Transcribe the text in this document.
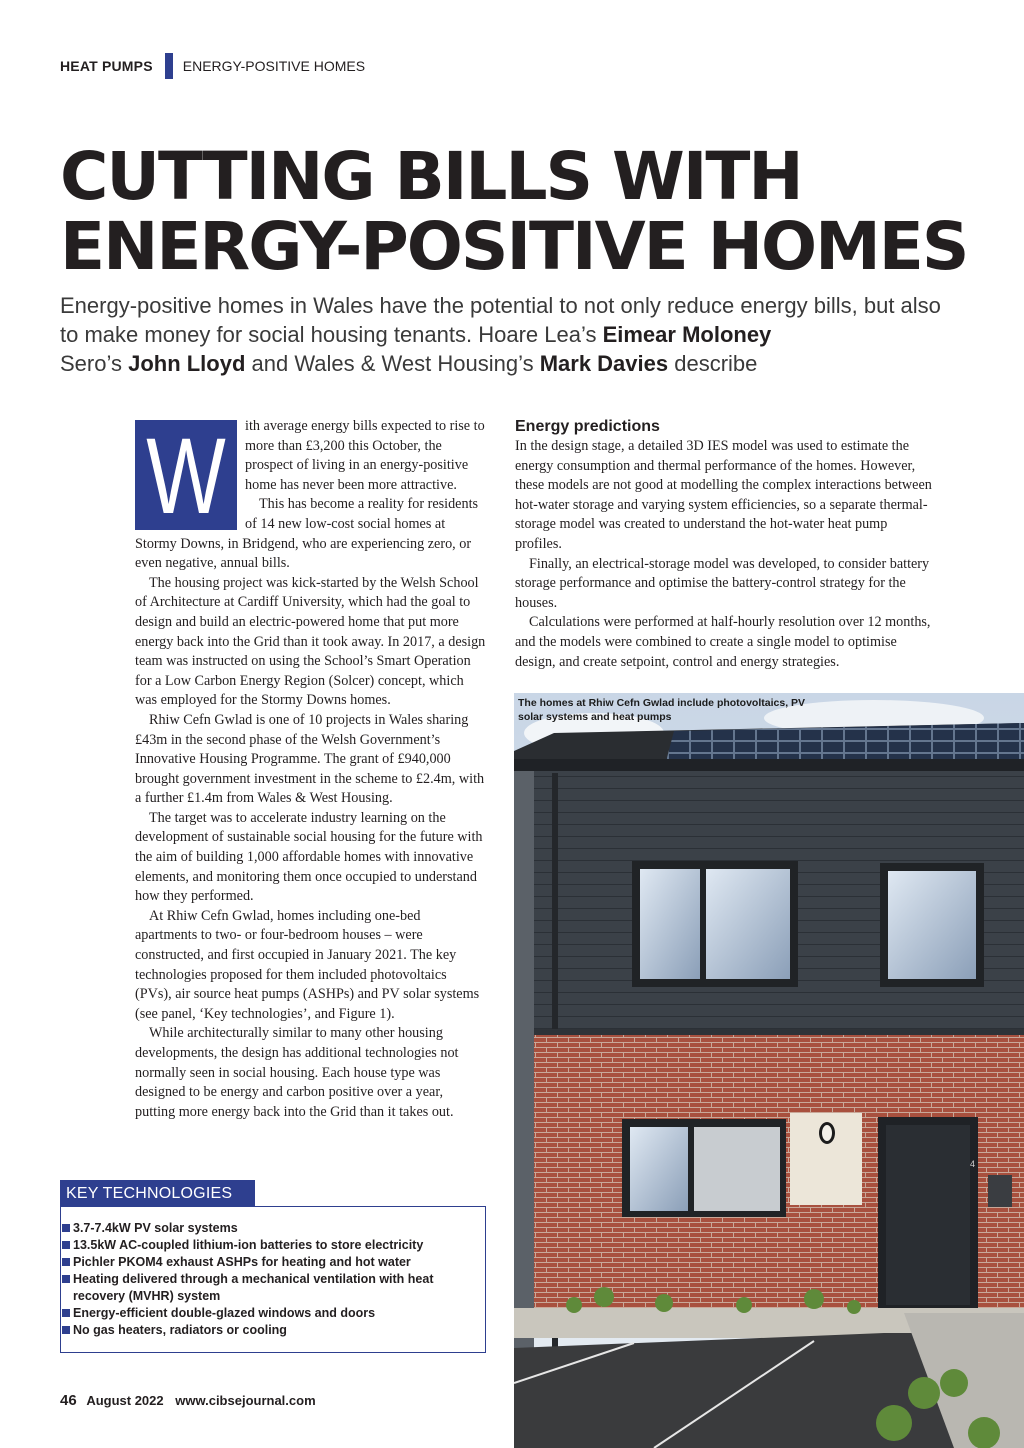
HEAT PUMPS ENERGY-POSITIVE HOMES
CUTTING BILLS WITH
ENERGY-POSITIVE HOMES
Energy-positive homes in Wales have the potential to not only reduce energy bills, but also to make money for social housing tenants. Hoare Lea’s Eimear Moloney
Sero’s John Lloyd and Wales & West Housing’s Mark Davies describe
W	ith average energy bills expected to rise to more than £3,200 this October, the prospect of living in an energy-positive home has never been more attractive.

This has become a reality for residents of 14 new low-cost social homes at Stormy Downs, in Bridgend, who are experiencing zero, or even negative, annual bills.

The housing project was kick-started by the Welsh School of Architecture at Cardiff University, which had the goal to design and build an electric-powered home that put more energy back into the Grid than it took away. In 2017, a design team was instructed on using the School’s Smart Operation for a Low Carbon Energy Region (Solcer) concept, which was employed for the Stormy Downs homes.

Rhiw Cefn Gwlad is one of 10 projects in Wales sharing £43m in the second phase of the Welsh Government’s Innovative Housing Programme. The grant of £940,000 brought government investment in the scheme to £2.4m, with a further £1.4m from Wales & West Housing.

The target was to accelerate industry learning on the development of sustainable social housing for the future with the aim of building 1,000 affordable homes with innovative elements, and monitoring them once occupied to understand how they performed.

At Rhiw Cefn Gwlad, homes including one-bed apartments to two- or four-bedroom houses – were constructed, and first occupied in January 2021. The key technologies proposed for them included photovoltaics (PVs), air source heat pumps (ASHPs) and PV solar systems (see panel, ‘Key technologies’, and Figure 1).

While architecturally similar to many other housing developments, the design has additional technologies not normally seen in social housing. Each house type was designed to be energy and carbon positive over a year, putting more energy back into the Grid than it takes out.

Energy predictions

In the design stage, a detailed 3D IES model was used to estimate the energy consumption and thermal performance of the homes. However, these models are not good at modelling the complex interactions between hot-water storage and varying system efficiencies, so a separate thermal-storage model was created to understand the hot-water heat pump profiles.

Finally, an electrical-storage model was developed, to consider battery storage performance and optimise the battery-control strategy for the houses.

Calculations were performed at half-hourly resolution over 12 months, and the models were combined to create a single model to optimise design, and create setpoint, control and energy strategies.

KEY TECHNOLOGIES
3.7-7.4kW PV solar systems
13.5kW AC-coupled lithium-ion batteries to store electricity
Pichler PKOM4 exhaust ASHPs for heating and hot water
Heating delivered through a mechanical ventilation with heat recovery (MVHR) system
Energy-efficient double-glazed windows and doors
No gas heaters, radiators or cooling
4
The homes at Rhiw Cefn Gwlad include photovoltaics, PV solar systems and heat pumps
46 August 2022 www.cibsejournal.com
